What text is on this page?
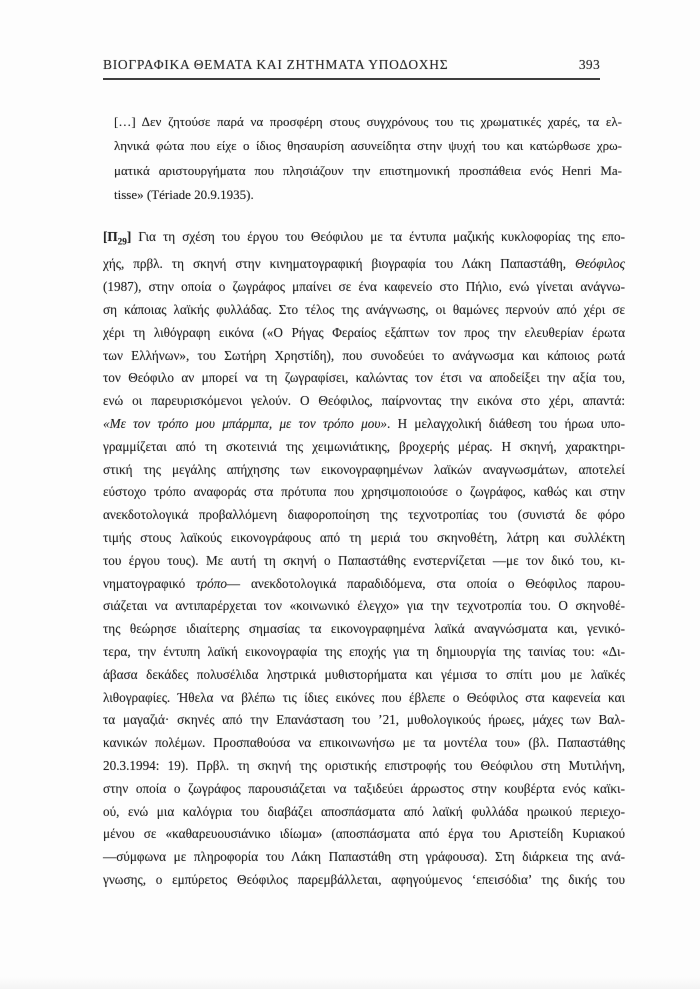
ΒΙΟΓΡΑΦΙΚΑ ΘΕΜΑΤΑ ΚΑΙ ΖΗΤΗΜΑΤΑ ΥΠΟΔΟΧΗΣ	393
[…] Δεν ζητούσε παρά να προσφέρη στους συγχρόνους του τις χρωματικές χαρές, τα ελ-
ληνικά φώτα που είχε ο ίδιος θησαυρίση ασυνείδητα στην ψυχή του και κατώρθωσε χρω-
ματικά αριστουργήματα που πλησιάζουν την επιστημονική προσπάθεια ενός Henri Ma-
tisse» (Tériade 20.9.1935).
$[\Pi_{29}]$ Για τη σχέση του έργου του Θεόφιλου με τα έντυπα μαζικής κυκλοφορίας της επο-
χής, πρβλ. τη σκηνή στην κινηματογραφική βιογραφία του Λάκη Παπαστάθη, Θεόφιλος
(1987), στην οποία ο ζωγράφος μπαίνει σε ένα καφενείο στο Πήλιο, ενώ γίνεται ανάγνω-
ση κάποιας λαϊκής φυλλάδας. Στο τέλος της ανάγνωσης, οι θαμώνες περνούν από χέρι σε
χέρι τη λιθόγραφη εικόνα («Ο Ρήγας Φεραίος εξάπτων τον προς την ελευθερίαν έρωτα
των Ελλήνων», του Σωτήρη Χρηστίδη), που συνοδεύει το ανάγνωσμα και κάποιος ρωτά
τον Θεόφιλο αν μπορεί να τη ζωγραφίσει, καλώντας τον έτσι να αποδείξει την αξία του,
ενώ οι παρευρισκόμενοι γελούν. Ο Θεόφιλος, παίρνοντας την εικόνα στο χέρι, απαντά:
«Με τον τρόπο μου μπάρμπα, με τον τρόπο μου». Η μελαγχολική διάθεση του ήρωα υπο-
γραμμίζεται από τη σκοτεινιά της χειμωνιάτικης, βροχερής μέρας. Η σκηνή, χαρακτηρι-
στική της μεγάλης απήχησης των εικονογραφημένων λαϊκών αναγνωσμάτων, αποτελεί
εύστοχο τρόπο αναφοράς στα πρότυπα που χρησιμοποιούσε ο ζωγράφος, καθώς και στην
ανεκδοτολογικά προβαλλόμενη διαφοροποίηση της τεχνοτροπίας του (συνιστά δε φόρο
τιμής στους λαϊκούς εικονογράφους από τη μεριά του σκηνοθέτη, λάτρη και συλλέκτη
του έργου τους). Με αυτή τη σκηνή ο Παπαστάθης ενστερνίζεται —με τον δικό του, κι-
νηματογραφικό τρόπο— ανεκδοτολογικά παραδιδόμενα, στα οποία ο Θεόφιλος παρου-
σιάζεται να αντιπαρέρχεται τον «κοινωνικό έλεγχο» για την τεχνοτροπία του. Ο σκηνοθέ-
της θεώρησε ιδιαίτερης σημασίας τα εικονογραφημένα λαϊκά αναγνώσματα και, γενικό-
τερα, την έντυπη λαϊκή εικονογραφία της εποχής για τη δημιουργία της ταινίας του: «Δι-
άβασα δεκάδες πολυσέλιδα ληστρικά μυθιστορήματα και γέμισα το σπίτι μου με λαϊκές
λιθογραφίες. Ήθελα να βλέπω τις ίδιες εικόνες που έβλεπε ο Θεόφιλος στα καφενεία και
τα μαγαζιά· σκηνές από την Επανάσταση του ’21, μυθολογικούς ήρωες, μάχες των Βαλ-
κανικών πολέμων. Προσπαθούσα να επικοινωνήσω με τα μοντέλα του» (βλ. Παπαστάθης
20.3.1994: 19). Πρβλ. τη σκηνή της οριστικής επιστροφής του Θεόφιλου στη Μυτιλήνη,
στην οποία ο ζωγράφος παρουσιάζεται να ταξιδεύει άρρωστος στην κουβέρτα ενός καϊκι-
ού, ενώ μια καλόγρια του διαβάζει αποσπάσματα από λαϊκή φυλλάδα ηρωικού περιεχο-
μένου σε «καθαρευουσιάνικο ιδίωμα» (αποσπάσματα από έργα του Αριστείδη Κυριακού
—σύμφωνα με πληροφορία του Λάκη Παπαστάθη στη γράφουσα). Στη διάρκεια της ανά-
γνωσης, ο εμπύρετος Θεόφιλος παρεμβάλλεται, αφηγούμενος ‘επεισόδια’ της δικής του
